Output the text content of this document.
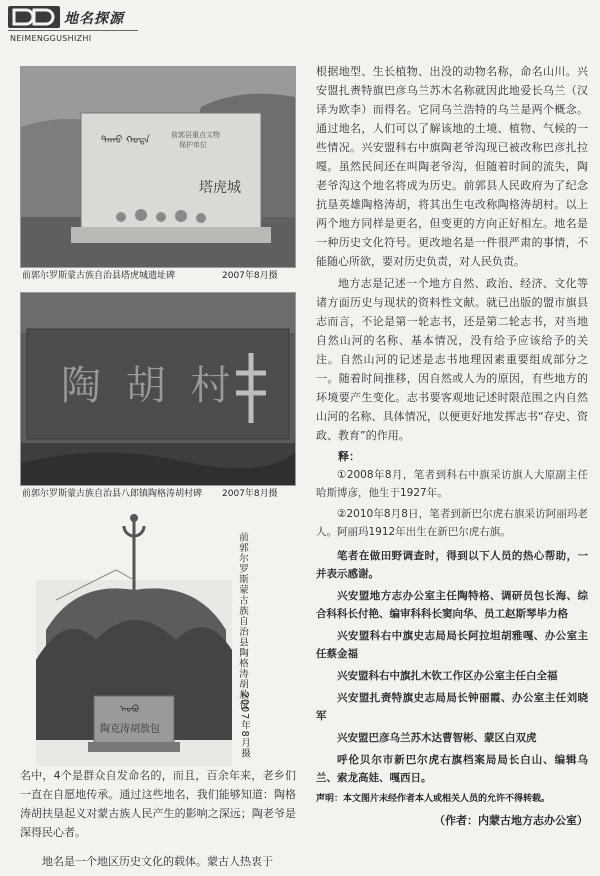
地名探源
NEIMENGGUSHIZHI
ᠲᠠᠬᠤ ᠬᠣᠲᠠ	前郭县重点文物
保护单位
塔虎城
前郭尔罗斯蒙古族自治县塔虎城遗址碑	2007年8月摄
陶 胡 村
前郭尔罗斯蒙古族自治县八郎镇陶格涛胡村碑 2007年8月摄
陶克涛胡敖包
ᠠᠣᠪᠣ	前郭尔罗斯蒙古族自治县陶格涛胡敖包
2007年8月摄

名中，4个是群众自发命名的，而且，百余年来，老乡们一直在自愿地传承。通过这些地名，我们能够知道：陶格涛胡扶垦起义对蒙古族人民产生的影响之深远；陶老爷是深得民心者。

地名是一个地区历史文化的载体。蒙古人热衷于

根据地型、生长植物、出没的动物名称，命名山川。兴安盟扎赉特旗巴彦乌兰苏木名称就因此地爱长乌兰（汉译为欧李）而得名。它同乌兰浩特的乌兰是两个概念。通过地名，人们可以了解该地的土境、植物、气候的一些情况。兴安盟科右中旗陶老爷沟现已被改称巴彦扎拉嘎。虽然民间还在叫陶老爷沟，但随着时间的流失，陶老爷沟这个地名将成为历史。前郭县人民政府为了纪念抗垦英雄陶格涛胡，将其出生屯改称陶格涛胡村。以上两个地方同样是更名，但变更的方向正好相左。地名是一种历史文化符号。更改地名是一件很严肃的事情，不能随心所欲，要对历史负责，对人民负责。

地方志是记述一个地方自然、政治、经济、文化等诸方面历史与现状的资料性文献。就已出版的盟市旗县志而言，不论是第一轮志书，还是第二轮志书，对当地自然山河的名称、基本情况，没有给予应该给予的关注。自然山河的记述是志书地理因素重要组成部分之一。随着时间推移，因自然或人为的原因，有些地方的环境要产生变化。志书要客观地记述时限范围之内自然山河的名称、具体情况，以便更好地发挥志书“存史、资政、教育”的作用。

释：

①2008年8月，笔者到科右中旗采访旗人大原副主任哈斯博彦，他生于1927年。

②2010年8月8日，笔者到新巴尔虎右旗采访阿丽玛老人。阿丽玛1912年出生在新巴尔虎右旗。

笔者在做田野调查时，得到以下人员的热心帮助，一并表示感谢。

兴安盟地方志办公室主任陶特格、调研员包长海、综合科科长付艳、编审科科长窦向华、员工赵斯琴毕力格

兴安盟科右中旗史志局局长阿拉坦胡雅嘎、办公室主任蔡金福

兴安盟科右中旗扎木钦工作区办公室主任白全福

兴安盟扎赉特旗史志局局长钟丽霞、办公室主任刘晓军

兴安盟巴彦乌兰苏木达曹智彬、蒙区白双虎

呼伦贝尔市新巴尔虎右旗档案局局长白山、编辑乌兰、索龙高娃、嘎西日。

声明：本文图片未经作者本人或相关人员的允许不得转载。

（作者：内蒙古地方志办公室）
